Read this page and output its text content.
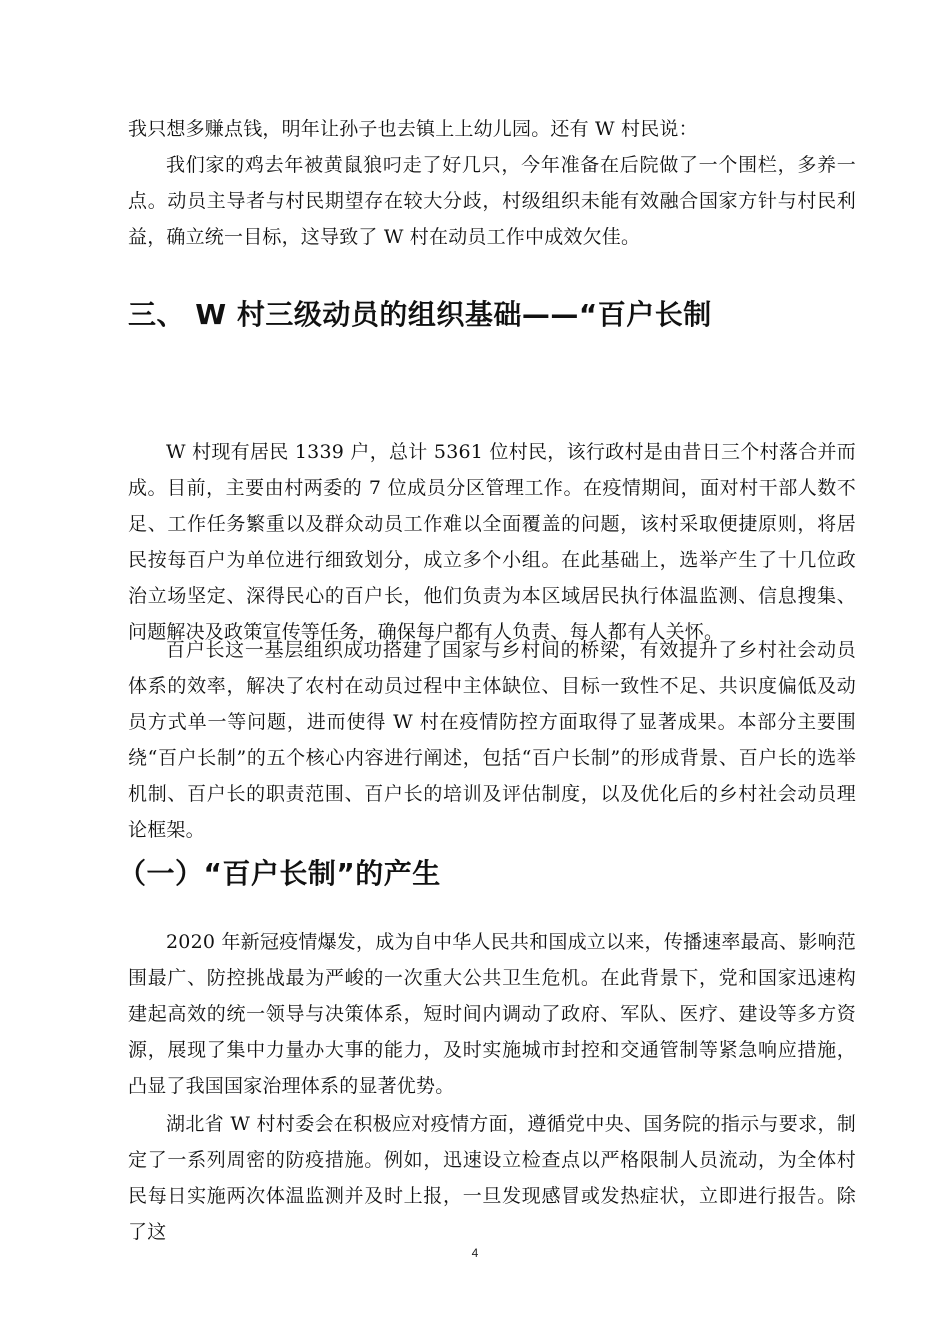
我只想多赚点钱，明年让孙子也去镇上上幼儿园。还有 W 村民说：

我们家的鸡去年被黄鼠狼叼走了好几只，今年准备在后院做了一个围栏，多养一点。动员主导者与村民期望存在较大分歧，村级组织未能有效融合国家方针与村民利益，确立统一目标，这导致了 W 村在动员工作中成效欠佳。

三、 W 村三级动员的组织基础——“百户长制

W 村现有居民 1339 户，总计 5361 位村民，该行政村是由昔日三个村落合并而成。目前，主要由村两委的 7 位成员分区管理工作。在疫情期间，面对村干部人数不足、工作任务繁重以及群众动员工作难以全面覆盖的问题，该村采取便捷原则，将居民按每百户为单位进行细致划分，成立多个小组。在此基础上，选举产生了十几位政治立场坚定、深得民心的百户长，他们负责为本区域居民执行体温监测、信息搜集、问题解决及政策宣传等任务，确保每户都有人负责、每人都有人关怀。

百户长这一基层组织成功搭建了国家与乡村间的桥梁，有效提升了乡村社会动员体系的效率，解决了农村在动员过程中主体缺位、目标一致性不足、共识度偏低及动员方式单一等问题，进而使得 W 村在疫情防控方面取得了显著成果。本部分主要围绕“百户长制”的五个核心内容进行阐述，包括“百户长制”的形成背景、百户长的选举机制、百户长的职责范围、百户长的培训及评估制度，以及优化后的乡村社会动员理论框架。

（一）“百户长制”的产生

2020 年新冠疫情爆发，成为自中华人民共和国成立以来，传播速率最高、影响范围最广、防控挑战最为严峻的一次重大公共卫生危机。在此背景下，党和国家迅速构建起高效的统一领导与决策体系，短时间内调动了政府、军队、医疗、建设等多方资源，展现了集中力量办大事的能力，及时实施城市封控和交通管制等紧急响应措施，凸显了我国国家治理体系的显著优势。

湖北省 W 村村委会在积极应对疫情方面，遵循党中央、国务院的指示与要求，制定了一系列周密的防疫措施。例如，迅速设立检查点以严格限制人员流动，为全体村民每日实施两次体温监测并及时上报，一旦发现感冒或发热症状，立即进行报告。除了这

4
